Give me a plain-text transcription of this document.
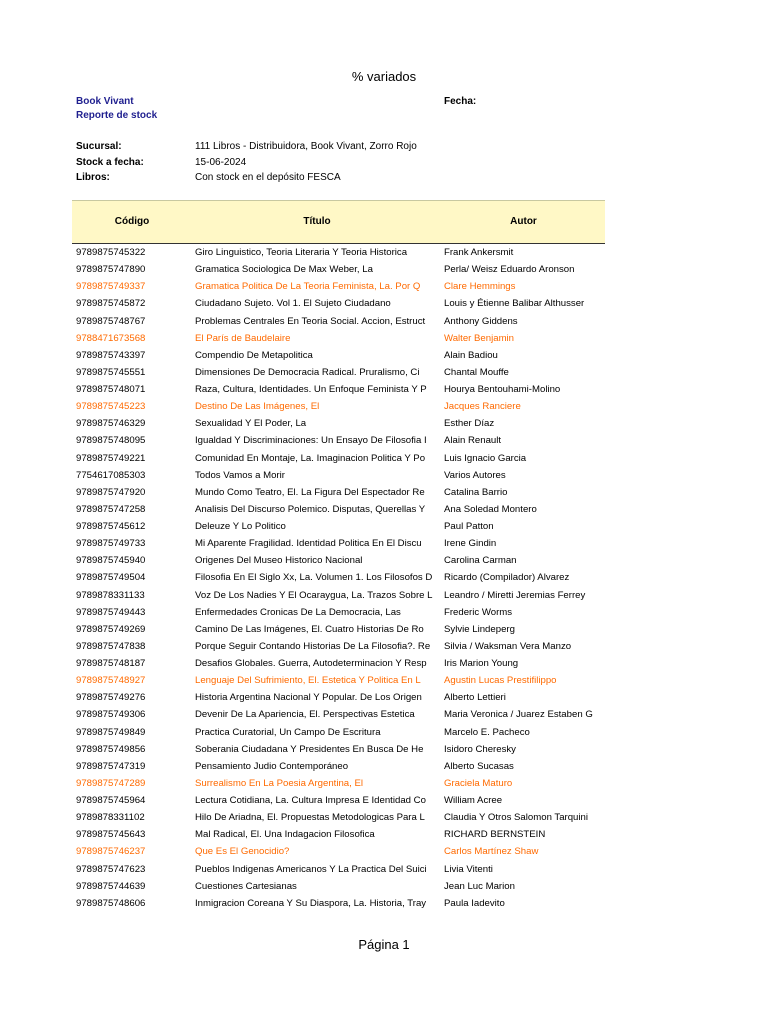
% variados
Book Vivant
Reporte de stock
Fecha:
Sucursal:	111 Libros - Distribuidora, Book Vivant, Zorro Rojo
Stock a fecha:	15-06-2024
Libros:	Con stock en el depósito FESCA
Código	Título	Autor
9789875745322	Giro Linguistico, Teoria Literaria Y Teoria Historica	Frank Ankersmit
9789875747890	Gramatica Sociologica De Max Weber, La	Perla/ Weisz Eduardo Aronson
9789875749337	Gramatica Politica De La Teoria Feminista, La. Por Q	Clare Hemmings
9789875745872	Ciudadano Sujeto. Vol 1. El Sujeto Ciudadano	Louis y Étienne Balibar Althusser
9789875748767	Problemas Centrales En Teoria Social. Accion, Estruct	Anthony Giddens
9788471673568	El París de Baudelaire	Walter Benjamin
9789875743397	Compendio De Metapolitica	Alain Badiou
9789875745551	Dimensiones De Democracia Radical. Pruralismo, Ci	Chantal Mouffe
9789875748071	Raza, Cultura, Identidades. Un Enfoque Feminista Y P	Hourya Bentouhami-Molino
9789875745223	Destino De Las Imágenes, El	Jacques Ranciere
9789875746329	Sexualidad Y El Poder, La	Esther Díaz
9789875748095	Igualdad Y Discriminaciones: Un Ensayo De Filosofia I	Alain Renault
9789875749221	Comunidad En Montaje, La. Imaginacion Politica Y Po	Luis Ignacio Garcia
7754617085303	Todos Vamos a Morir	Varios Autores
9789875747920	Mundo Como Teatro, El. La Figura Del Espectador Re	Catalina Barrio
9789875747258	Analisis Del Discurso Polemico. Disputas, Querellas Y	Ana Soledad Montero
9789875745612	Deleuze Y Lo Politico	Paul Patton
9789875749733	Mi Aparente Fragilidad. Identidad Politica En El Discu	Irene Gindin
9789875745940	Origenes Del Museo Historico Nacional	Carolina Carman
9789875749504	Filosofia En El Siglo Xx, La. Volumen 1. Los Filosofos D	Ricardo (Compilador) Alvarez
9789878331133	Voz De Los Nadies Y El Ocaraygua, La. Trazos Sobre L	Leandro / Miretti Jeremias Ferrey
9789875749443	Enfermedades Cronicas De La Democracia, Las	Frederic Worms
9789875749269	Camino De Las Imágenes, El. Cuatro Historias De Ro	Sylvie Lindeperg
9789875747838	Porque Seguir Contando Historias De La Filosofia?. Re	Silvia / Waksman Vera Manzo
9789875748187	Desafios Globales. Guerra, Autodeterminacion Y Resp	Iris Marion Young
9789875748927	Lenguaje Del Sufrimiento, El. Estetica Y Politica En L	Agustin Lucas Prestifilippo
9789875749276	Historia Argentina Nacional Y Popular. De Los Origen	Alberto Lettieri
9789875749306	Devenir De La Apariencia, El. Perspectivas Estetica	Maria Veronica / Juarez Estaben G
9789875749849	Practica Curatorial, Un Campo De Escritura	Marcelo E. Pacheco
9789875749856	Soberania Ciudadana Y Presidentes En Busca De He	Isidoro Cheresky
9789875747319	Pensamiento Judio Contemporáneo	Alberto Sucasas
9789875747289	Surrealismo En La Poesia Argentina, El	Graciela Maturo
9789875745964	Lectura Cotidiana, La. Cultura Impresa E Identidad Co	William Acree
9789878331102	Hilo De Ariadna, El. Propuestas Metodologicas Para L	Claudia Y Otros Salomon Tarquini
9789875745643	Mal Radical, El. Una Indagacion Filosofica	RICHARD BERNSTEIN
9789875746237	Que Es El Genocidio?	Carlos Martínez Shaw
9789875747623	Pueblos Indigenas Americanos Y La Practica Del Suici	Livia Vitenti
9789875744639	Cuestiones Cartesianas	Jean Luc Marion
9789875748606	Inmigracion Coreana Y Su Diaspora, La. Historia, Tray	Paula Iadevito
Página 1
